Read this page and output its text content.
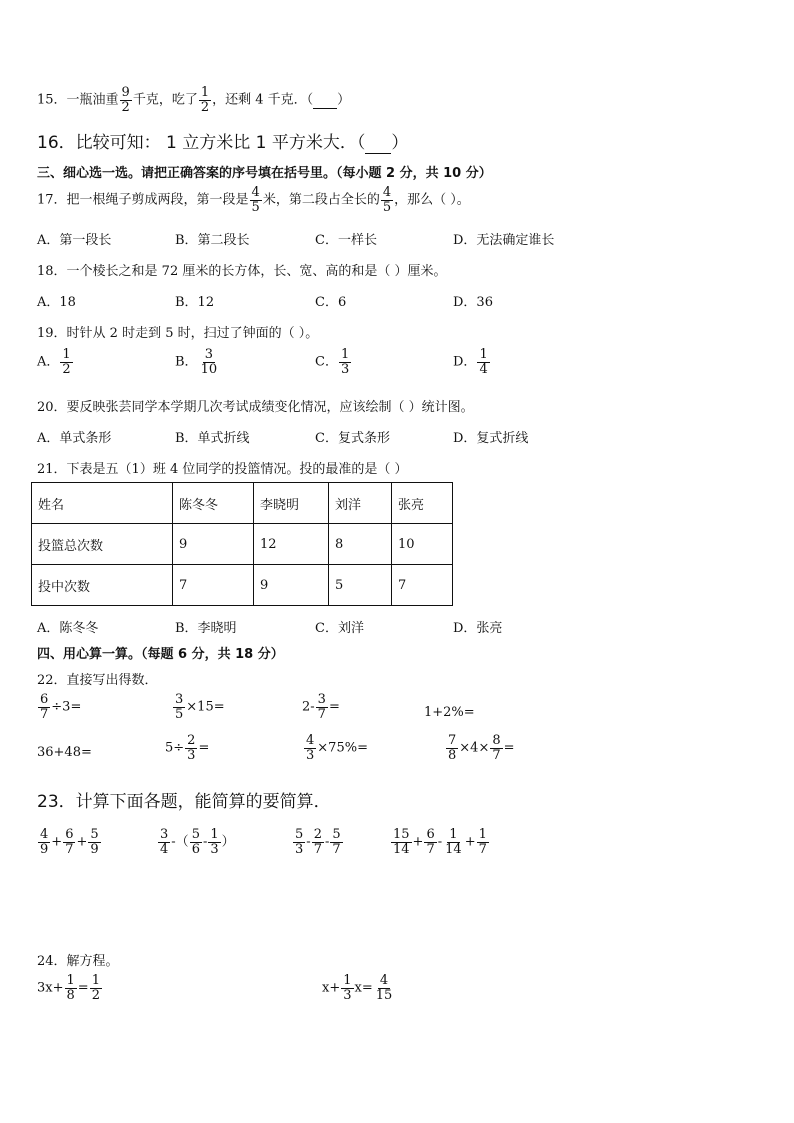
15．一瓶油重 $\frac{9}{2}$ 千克，吃了 $\frac{1}{2}$ ，还剩 4 千克．（ ）
16．比较可知： 1 立方米比 1 平方米大．（ ）
三、细心选一选。请把正确答案的序号填在括号里。（每小题 2 分，共 10 分）
17．把一根绳子剪成两段，第一段是 $\frac{4}{5}$ 米，第二段占全长的 $\frac{4}{5}$ ，那么（ ）。
A．第一段长	B．第二段长	C．一样长	D．无法确定谁长
18．一个棱长之和是 72 厘米的长方体，长、宽、高的和是（ ）厘米。
A．18	B．12	C．6	D．36
19．时针从 2 时走到 5 时，扫过了钟面的（ ）。
A． $\frac{1}{2}$	B． $\frac{3}{10}$	C． $\frac{1}{3}$	D． $\frac{1}{4}$
20．要反映张芸同学本学期几次考试成绩变化情况，应该绘制（ ）统计图。
A．单式条形	B．单式折线	C．复式条形	D．复式折线
21．下表是五（1）班 4 位同学的投篮情况。投的最准的是（ ）
姓名	陈冬冬	李晓明	刘洋	张亮
投篮总次数	9	12	8	10
投中次数	7	9	5	7
A．陈冬冬	B．李晓明	C．刘洋	D．张亮
四、用心算一算。（每题 6 分，共 18 分）
22．直接写出得数．
$\frac{6}{7} \div 3=$	$\frac{3}{5} \times 15=$	$2- \frac{3}{7}$ =	1+2%=
36+48=	$5\div \frac{2}{3}$ =	$\frac{4}{3} \times 75\%=$	$\frac{7}{8} \times 4\times \frac{8}{7}$ =
23．计算下面各题，能简算的要简算．
$\frac{4}{9} + \frac{6}{7} + \frac{5}{9}$	$\frac{3}{4}$ -（ $\frac{5}{6} - \frac{1}{3}$ ）	$\frac{5}{3} - \frac{2}{7} - \frac{5}{7}$	$\frac{15}{14} + \frac{6}{7} - \frac{1}{14} + \frac{1}{7}$
24．解方程。
$3x+ \frac{1}{8} = \frac{1}{2}$	$x+ \frac{1}{3} x= \frac{4}{15}$
